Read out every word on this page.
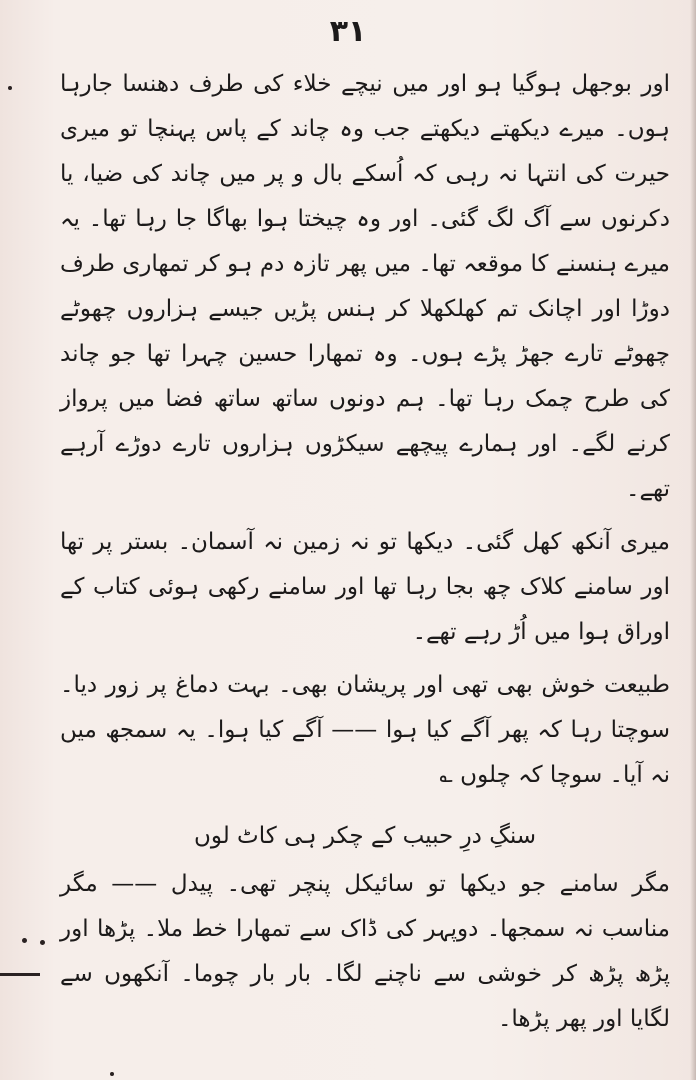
٣١

اور بوجھل ہوگیا ہو اور میں نیچے خلاء کی طرف دھنسا جارہا ہوں۔ میرے دیکھتے دیکھتے جب وہ چاند کے پاس پہنچا تو میری حیرت کی انتہا نہ رہی کہ اُسکے بال و پر میں چاند کی ضیا، یا دکرنوں سے آگ لگ گئی۔ اور وہ چیختا ہوا بھاگا جا رہا تھا۔ یہ میرے ہنسنے کا موقعہ تھا۔ میں پھر تازہ دم ہو کر تمھاری طرف دوڑا اور اچانک تم کھلکھلا کر ہنس پڑیں جیسے ہزاروں چھوٹے چھوٹے تارے جھڑ پڑے ہوں۔ وہ تمھارا حسین چہرا تھا جو چاند کی طرح چمک رہا تھا۔ ہم دونوں ساتھ ساتھ فضا میں پرواز کرنے لگے۔ اور ہمارے پیچھے سیکڑوں ہزاروں تارے دوڑے آرہے تھے۔

میری آنکھ کھل گئی۔ دیکھا تو نہ زمین نہ آسمان۔ بستر پر تھا اور سامنے کلاک چھ بجا رہا تھا اور سامنے رکھی ہوئی کتاب کے اوراق ہوا میں اُڑ رہے تھے۔

طبیعت خوش بھی تھی اور پریشان بھی۔ بہت دماغ پر زور دیا۔ سوچتا رہا کہ پھر آگے کیا ہوا —— آگے کیا ہوا۔ یہ سمجھ میں نہ آیا۔ سوچا کہ چلوں ؎

سنگِ درِ حبیب کے چکر ہی کاٹ لوں

مگر سامنے جو دیکھا تو سائیکل پنچر تھی۔ پیدل —— مگر مناسب نہ سمجھا۔ دوپہر کی ڈاک سے تمھارا خط ملا۔ پڑھا اور پڑھ پڑھ کر خوشی سے ناچنے لگا۔ بار بار چوما۔ آنکھوں سے لگایا اور پھر پڑھا۔
